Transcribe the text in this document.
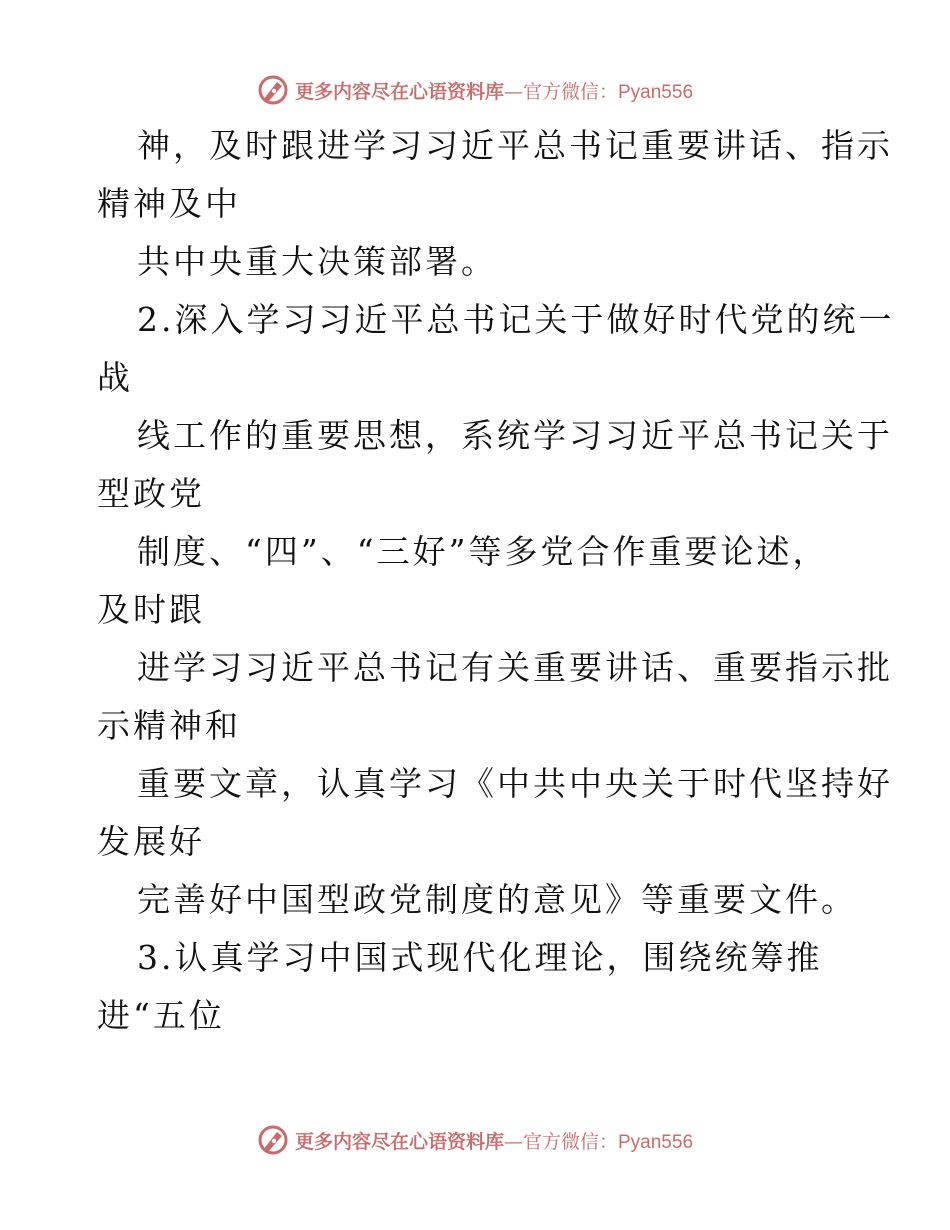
更多内容尽在心语资料库—官方微信：Pyan556
神，及时跟进学习习近平总书记重要讲话、指示
精神及中
共中央重大决策部署。
2.深入学习习近平总书记关于做好时代党的统一
战
线工作的重要思想，系统学习习近平总书记关于
型政党
制度、“四”、“三好”等多党合作重要论述，
及时跟
进学习习近平总书记有关重要讲话、重要指示批
示精神和
重要文章，认真学习《中共中央关于时代坚持好
发展好
完善好中国型政党制度的意见》等重要文件。
3.认真学习中国式现代化理论，围绕统筹推
进“五位
更多内容尽在心语资料库—官方微信：Pyan556
